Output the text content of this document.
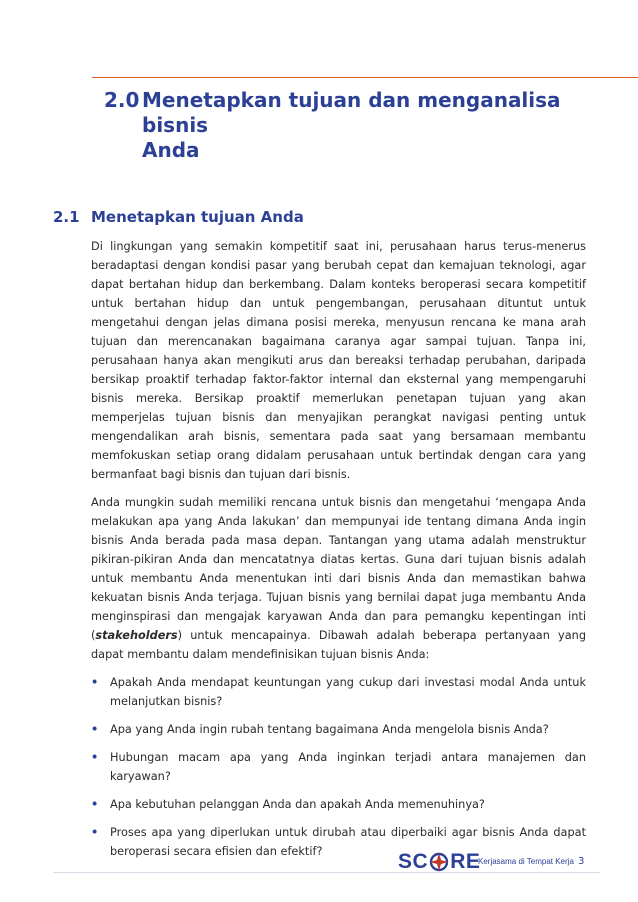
2.0 Menetapkan tujuan dan menganalisa bisnis
Anda
2.1 Menetapkan tujuan Anda

Di lingkungan yang semakin kompetitif saat ini, perusahaan harus terus-menerus beradaptasi dengan kondisi pasar yang berubah cepat dan kemajuan teknologi, agar dapat bertahan hidup dan berkembang. Dalam konteks beroperasi secara kompetitif untuk bertahan hidup dan untuk pengembangan, perusahaan dituntut untuk mengetahui dengan jelas dimana posisi mereka, menyusun rencana ke mana arah tujuan dan merencanakan bagaimana caranya agar sampai tujuan. Tanpa ini, perusahaan hanya akan mengikuti arus dan bereaksi terhadap perubahan, daripada bersikap proaktif terhadap faktor-faktor internal dan eksternal yang mempengaruhi bisnis mereka. Bersikap proaktif memerlukan penetapan tujuan yang akan memperjelas tujuan bisnis dan menyajikan perangkat navigasi penting untuk mengendalikan arah bisnis, sementara pada saat yang bersamaan membantu memfokuskan setiap orang didalam perusahaan untuk bertindak dengan cara yang bermanfaat bagi bisnis dan tujuan dari bisnis.

Anda mungkin sudah memiliki rencana untuk bisnis dan mengetahui ‘mengapa Anda melakukan apa yang Anda lakukan’ dan mempunyai ide tentang dimana Anda ingin bisnis Anda berada pada masa depan. Tantangan yang utama adalah menstruktur pikiran-pikiran Anda dan mencatatnya diatas kertas. Guna dari tujuan bisnis adalah untuk membantu Anda menentukan inti dari bisnis Anda dan memastikan bahwa kekuatan bisnis Anda terjaga. Tujuan bisnis yang bernilai dapat juga membantu Anda menginspirasi dan mengajak karyawan Anda dan para pemangku kepentingan inti (stakeholders) untuk mencapainya. Dibawah adalah beberapa pertanyaan yang dapat membantu dalam mendefinisikan tujuan bisnis Anda:

•	Apakah Anda mendapat keuntungan yang cukup dari investasi modal Anda untuk melanjutkan bisnis?
•	Apa yang Anda ingin rubah tentang bagaimana Anda mengelola bisnis Anda?
•	Hubungan macam apa yang Anda inginkan terjadi antara manajemen dan karyawan?
•	Apa kebutuhan pelanggan Anda dan apakah Anda memenuhinya?
•	Proses apa yang diperlukan untuk dirubah atau diperbaiki agar bisnis Anda dapat beroperasi secara efisien dan efektif?	SC RE
Kerjasama di Tempat Kerja 3
